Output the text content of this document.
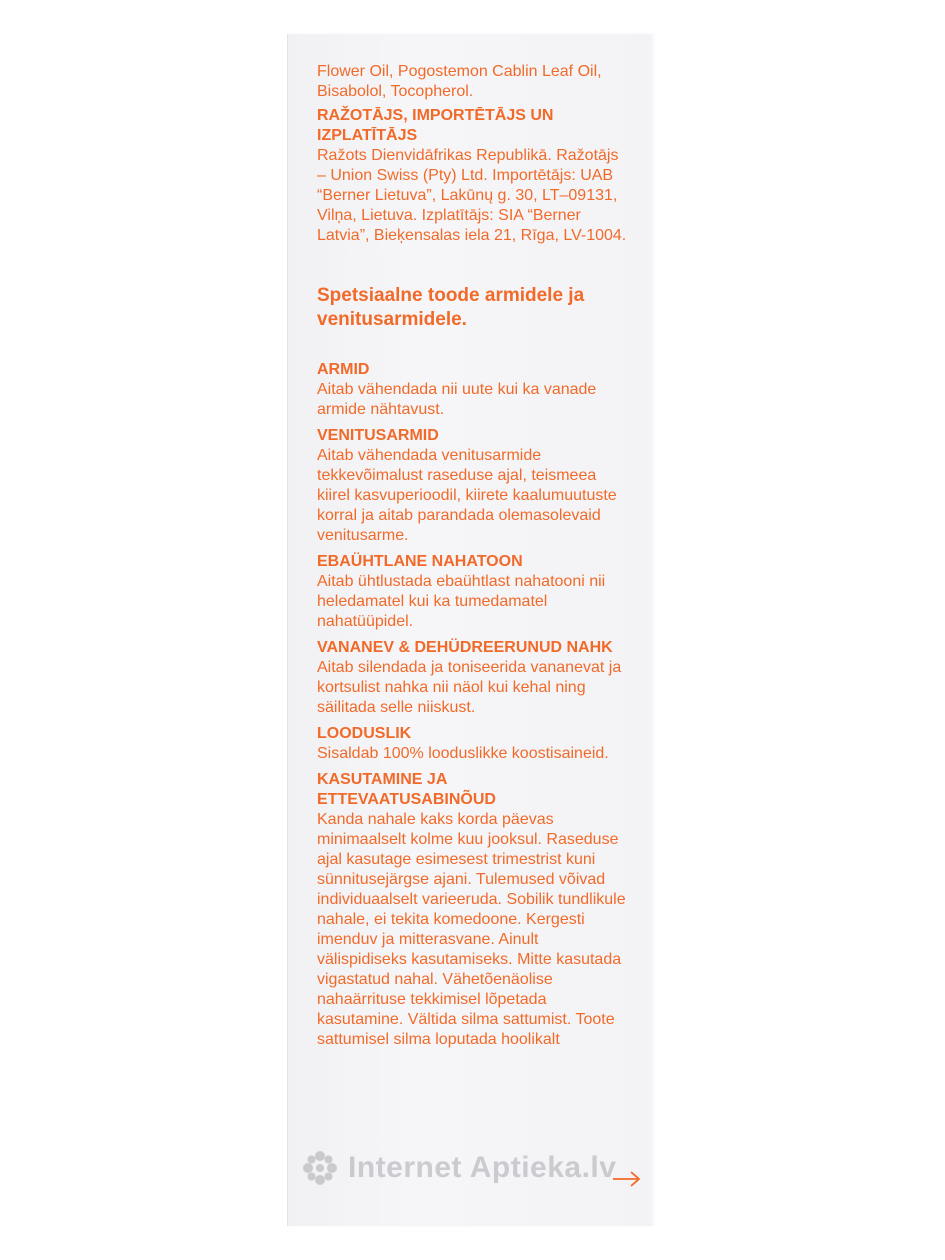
Flower Oil, Pogostemon Cablin Leaf Oil, Bisabolol, Tocopherol.

RAŽOTĀJS, IMPORTĒTĀJS UN IZPLATĪTĀJS

Ražots Dienvidāfrikas Republikā. Ražotājs – Union Swiss (Pty) Ltd. Importētājs: UAB “Berner Lietuva”, Lakūnų g. 30, LT–09131, Vilņa, Lietuva. Izplatītājs: SIA “Berner Latvia”, Bieķensalas iela 21, Rīga, LV-1004.

Spetsiaalne toode armidele ja venitusarmidele.

ARMID

Aitab vähendada nii uute kui ka vanade armide nähtavust.

VENITUSARMID

Aitab vähendada venitusarmide tekkevõimalust raseduse ajal, teismeea kiirel kasvuperioodil, kiirete kaalumuutuste korral ja aitab parandada olemasolevaid venitusarme.

EBAÜHTLANE NAHATOON

Aitab ühtlustada ebaühtlast nahatooni nii heledamatel kui ka tumedamatel nahatüüpidel.

VANANEV & DEHÜDREERUNUD NAHK

Aitab silendada ja toniseerida vananevat ja kortsulist nahka nii näol kui kehal ning säilitada selle niiskust.

LOODUSLIK

Sisaldab 100% looduslikke koostisaineid.

KASUTAMINE JA ETTEVAATUSABINÕUD

Kanda nahale kaks korda päevas minimaalselt kolme kuu jooksul. Raseduse ajal kasutage esimesest trimestrist kuni sünnitusejärgse ajani. Tulemused võivad individuaalselt varieeruda. Sobilik tundlikule nahale, ei tekita komedoone. Kergesti imenduv ja mitterasvane. Ainult välispidiseks kasutamiseks. Mitte kasutada vigastatud nahal. Vähetõenäolise nahaärrituse tekkimisel lõpetada kasutamine. Vältida silma sattumist. Toote sattumisel silma loputada hoolikalt

Internet Aptieka.lv
